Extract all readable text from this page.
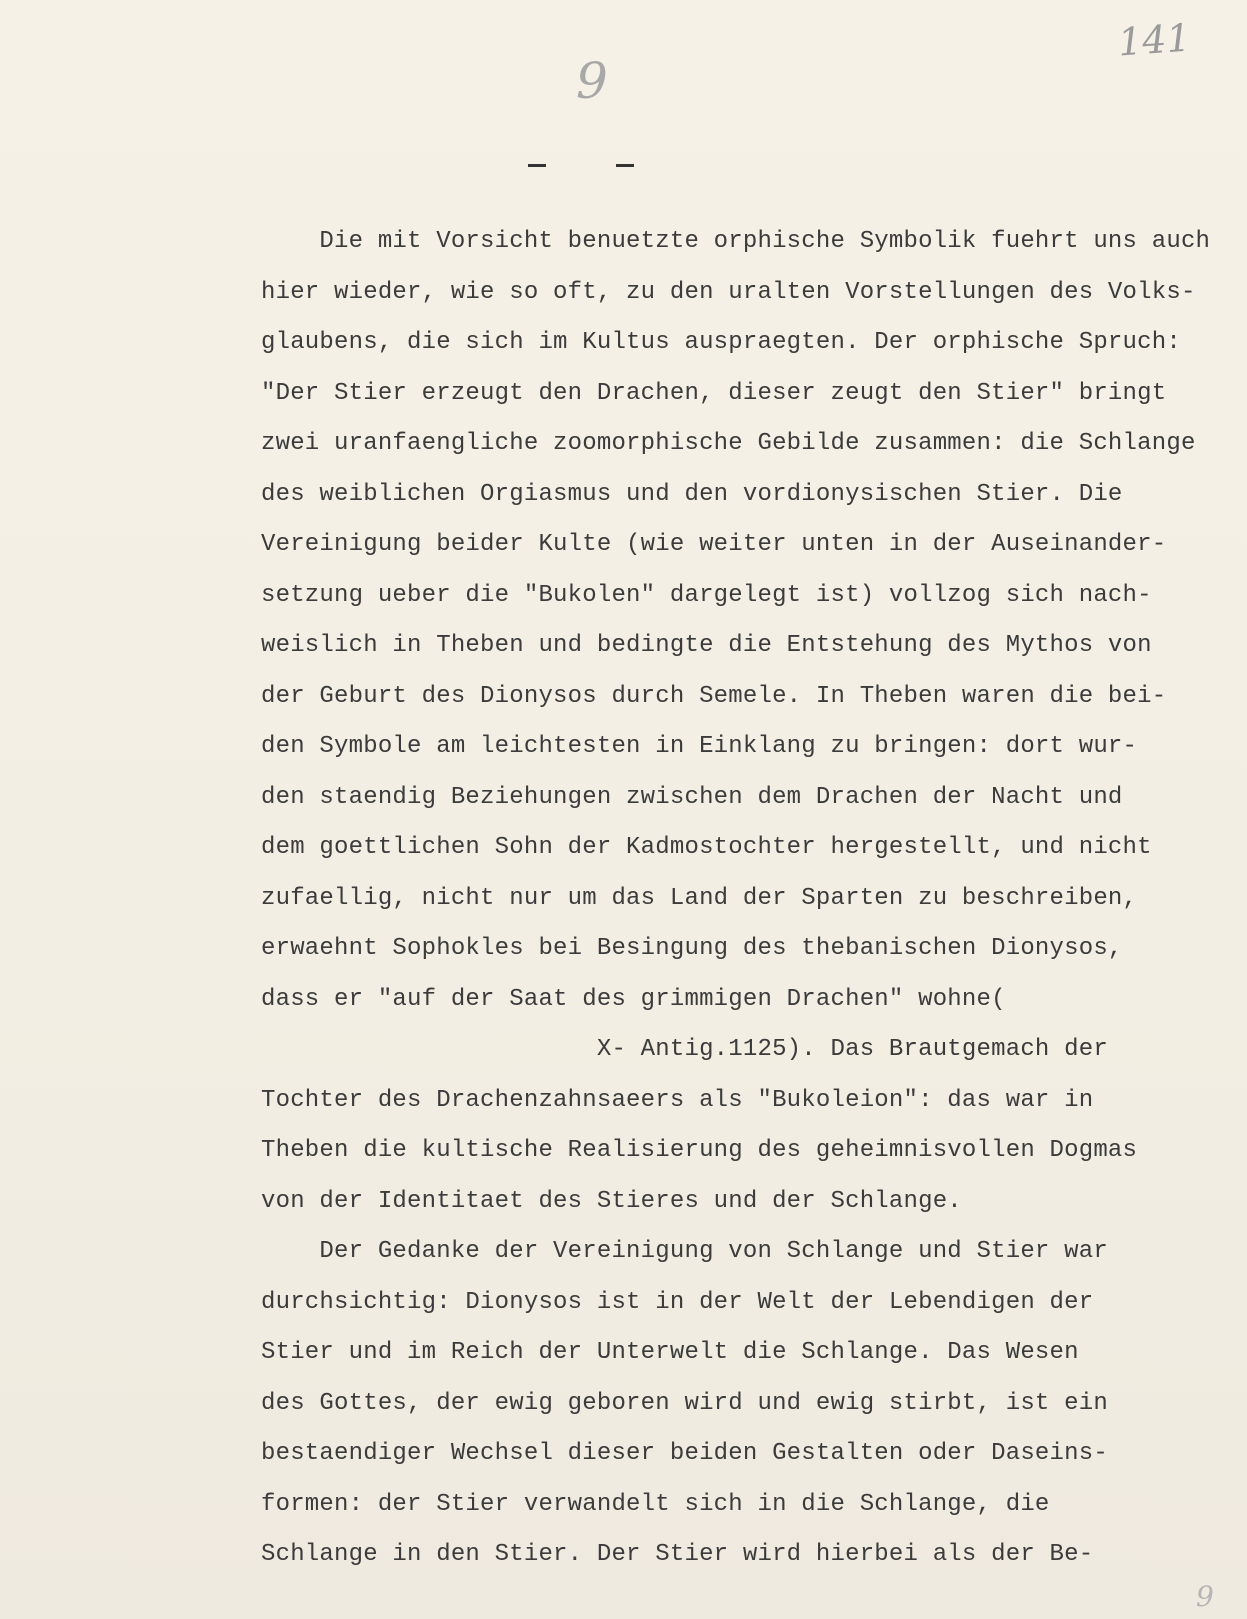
141
9
Die mit Vorsicht benuetzte orphische Symbolik fuehrt uns auch
hier wieder, wie so oft, zu den uralten Vorstellungen des Volks-
glaubens, die sich im Kultus auspraegten. Der orphische Spruch:
"Der Stier erzeugt den Drachen, dieser zeugt den Stier" bringt
zwei uranfaengliche zoomorphische Gebilde zusammen: die Schlange
des weiblichen Orgiasmus und den vordionysischen Stier. Die
Vereinigung beider Kulte (wie weiter unten in der Auseinander-
setzung ueber die "Bukolen" dargelegt ist) vollzog sich nach-
weislich in Theben und bedingte die Entstehung des Mythos von
der Geburt des Dionysos durch Semele. In Theben waren die bei-
den Symbole am leichtesten in Einklang zu bringen: dort wur-
den staendig Beziehungen zwischen dem Drachen der Nacht und
dem goettlichen Sohn der Kadmostochter hergestellt, und nicht
zufaellig, nicht nur um das Land der Sparten zu beschreiben,
erwaehnt Sophokles bei Besingung des thebanischen Dionysos,
dass er "auf der Saat des grimmigen Drachen" wohne(
X- Antig.1125). Das Brautgemach der
Tochter des Drachenzahnsaeers als "Bukoleion": das war in
Theben die kultische Realisierung des geheimnisvollen Dogmas
von der Identitaet des Stieres und der Schlange.
Der Gedanke der Vereinigung von Schlange und Stier war
durchsichtig: Dionysos ist in der Welt der Lebendigen der
Stier und im Reich der Unterwelt die Schlange. Das Wesen
des Gottes, der ewig geboren wird und ewig stirbt, ist ein
bestaendiger Wechsel dieser beiden Gestalten oder Daseins-
formen: der Stier verwandelt sich in die Schlange, die
Schlange in den Stier. Der Stier wird hierbei als der Be-
9
